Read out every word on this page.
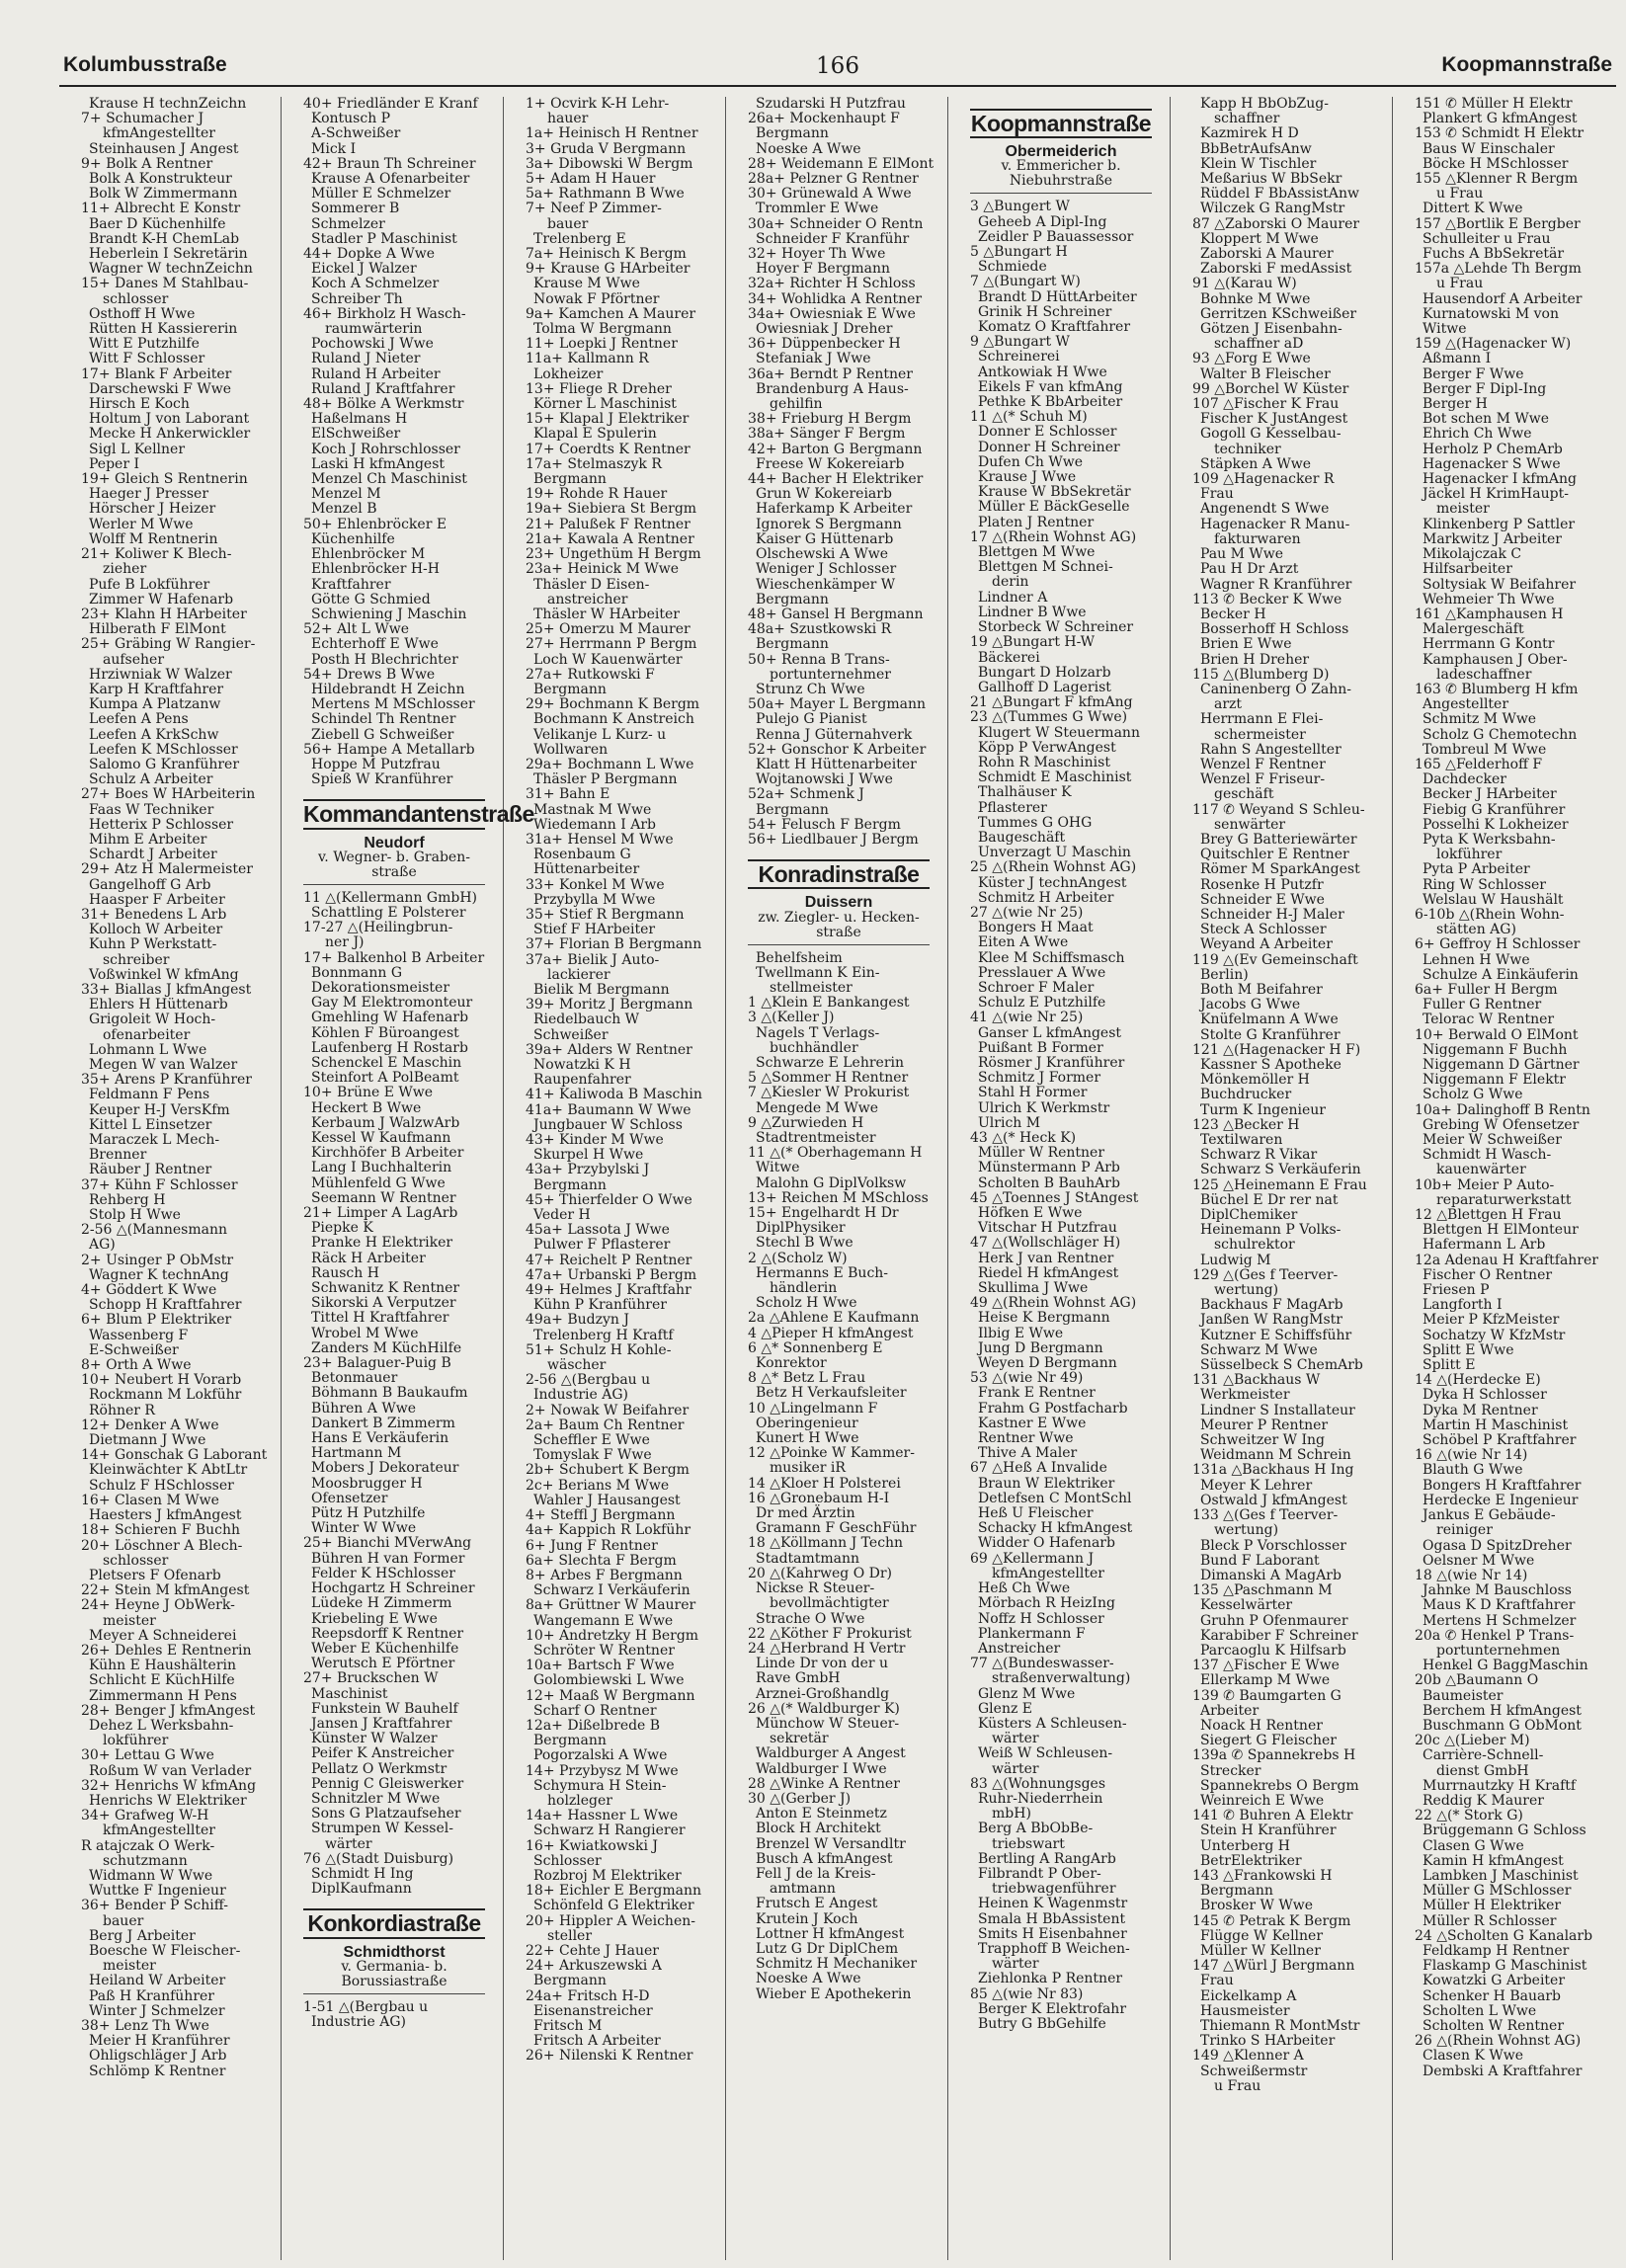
Kolumbusstraße	166	Koopmannstraße
Krause H technZeichn
7+ Schumacher J
kfmAngestellter
Steinhausen J Angest
9+ Bolk A Rentner
Bolk A Konstrukteur
Bolk W Zimmermann
11+ Albrecht E Konstr
Baer D Küchenhilfe
Brandt K-H ChemLab
Heberlein I Sekretärin
Wagner W technZeichn
15+ Danes M Stahlbau-
schlosser
Osthoff H Wwe
Rütten H Kassiererin
Witt E Putzhilfe
Witt F Schlosser
17+ Blank F Arbeiter
Darschewski F Wwe
Hirsch E Koch
Holtum J von Laborant
Mecke H Ankerwickler
Sigl L Kellner
Peper I
19+ Gleich S Rentnerin
Haeger J Presser
Hörscher J Heizer
Werler M Wwe
Wolff M Rentnerin
21+ Koliwer K Blech-
zieher
Pufe B Lokführer
Zimmer W Hafenarb
23+ Klahn H HArbeiter
Hilberath F ElMont
25+ Gräbing W Rangier-
aufseher
Hrziwniak W Walzer
Karp H Kraftfahrer
Kumpa A Platzanw
Leefen A Pens
Leefen A KrkSchw
Leefen K MSchlosser
Salomo G Kranführer
Schulz A Arbeiter
27+ Boes W HArbeiterin
Faas W Techniker
Hetterix P Schlosser
Mihm E Arbeiter
Schardt J Arbeiter
29+ Atz H Malermeister
Gangelhoff G Arb
Haasper F Arbeiter
31+ Benedens L Arb
Kolloch W Arbeiter
Kuhn P Werkstatt-
schreiber
Voßwinkel W kfmAng
33+ Biallas J kfmAngest
Ehlers H Hüttenarb
Grigoleit W Hoch-
ofenarbeiter
Lohmann L Wwe
Megen W van Walzer
35+ Arens P Kranführer
Feldmann F Pens
Keuper H-J VersKfm
Kittel L Einsetzer
Maraczek L Mech-
Brenner
Räuber J Rentner
37+ Kühn F Schlosser
Rehberg H
Stolp H Wwe
2-56 △(Mannesmann
AG)
2+ Usinger P ObMstr
Wagner K technAng
4+ Göddert K Wwe
Schopp H Kraftfahrer
6+ Blum P Elektriker
Wassenberg F
E-Schweißer
8+ Orth A Wwe
10+ Neubert H Vorarb
Rockmann M Lokführ
Röhner R
12+ Denker A Wwe
Dietmann J Wwe
14+ Gonschak G Laborant
Kleinwächter K AbtLtr
Schulz F HSchlosser
16+ Clasen M Wwe
Haesters J kfmAngest
18+ Schieren F Buchh
20+ Löschner A Blech-
schlosser
Pletsers F Ofenarb
22+ Stein M kfmAngest
24+ Heyne J ObWerk-
meister
Meyer A Schneiderei
26+ Dehles E Rentnerin
Kühn E Haushälterin
Schlicht E KüchHilfe
Zimmermann H Pens
28+ Benger J kfmAngest
Dehez L Werksbahn-
lokführer
30+ Lettau G Wwe
Roßum W van Verlader
32+ Henrichs W kfmAng
Henrichs W Elektriker
34+ Grafweg W-H
kfmAngestellter
R atajczak O Werk-
schutzmann
Widmann W Wwe
Wuttke F Ingenieur
36+ Bender P Schiff-
bauer
Berg J Arbeiter
Boesche W Fleischer-
meister
Heiland W Arbeiter
Paß H Kranführer
Winter J Schmelzer
38+ Lenz Th Wwe
Meier H Kranführer
Ohligschläger J Arb
Schlömp K Rentner
40+ Friedländer E Kranf
Kontusch P
A-Schweißer
Mick I
42+ Braun Th Schreiner
Krause A Ofenarbeiter
Müller E Schmelzer
Sommerer B
Schmelzer
Stadler P Maschinist
44+ Dopke A Wwe
Eickel J Walzer
Koch A Schmelzer
Schreiber Th
46+ Birkholz H Wasch-
raumwärterin
Pochowski J Wwe
Ruland J Nieter
Ruland H Arbeiter
Ruland J Kraftfahrer
48+ Bölke A Werkmstr
Haßelmans H
ElSchweißer
Koch J Rohrschlosser
Laski H kfmAngest
Menzel Ch Maschinist
Menzel M
Menzel B
50+ Ehlenbröcker E
Küchenhilfe
Ehlenbröcker M
Ehlenbröcker H-H
Kraftfahrer
Götte G Schmied
Schwiening J Maschin
52+ Alt L Wwe
Echterhoff E Wwe
Posth H Blechrichter
54+ Drews B Wwe
Hildebrandt H Zeichn
Mertens M MSchlosser
Schindel Th Rentner
Ziebell G Schweißer
56+ Hampe A Metallarb
Hoppe M Putzfrau
Spieß W Kranführer
Kommandantenstraße
Neudorf
v. Wegner- b. Graben-
straße
11 △(Kellermann GmbH)
Schattling E Polsterer
17-27 △(Heilingbrun-
ner J)
17+ Balkenhol B Arbeiter
Bonnmann G
Dekorationsmeister
Gay M Elektromonteur
Gmehling W Hafenarb
Köhlen F Büroangest
Laufenberg H Rostarb
Schenckel E Maschin
Steinfort A PolBeamt
10+ Brüne E Wwe
Heckert B Wwe
Kerbaum J WalzwArb
Kessel W Kaufmann
Kirchhöfer B Arbeiter
Lang I Buchhalterin
Mühlenfeld G Wwe
Seemann W Rentner
21+ Limper A LagArb
Piepke K
Pranke H Elektriker
Räck H Arbeiter
Rausch H
Schwanitz K Rentner
Sikorski A Verputzer
Tittel H Kraftfahrer
Wrobel M Wwe
Zanders M KüchHilfe
23+ Balaguer-Puig B
Betonmauer
Böhmann B Baukaufm
Bühren A Wwe
Dankert B Zimmerm
Hans E Verkäuferin
Hartmann M
Mobers J Dekorateur
Moosbrugger H
Ofensetzer
Pütz H Putzhilfe
Winter W Wwe
25+ Bianchi MVerwAng
Bühren H van Former
Felder K HSchlosser
Hochgartz H Schreiner
Lüdeke H Zimmerm
Kriebeling E Wwe
Reepsdorff K Rentner
Weber E Küchenhilfe
Werutsch E Pförtner
27+ Bruckschen W
Maschinist
Funkstein W Bauhelf
Jansen J Kraftfahrer
Künster W Walzer
Peifer K Anstreicher
Pellatz O Werkmstr
Pennig C Gleiswerker
Schnitzler M Wwe
Sons G Platzaufseher
Strumpen W Kessel-
wärter
76 △(Stadt Duisburg)
Schmidt H Ing
DiplKaufmann
Konkordiastraße
Schmidthorst
v. Germania- b.
Borussiastraße
1-51 △(Bergbau u
Industrie AG)
1+ Ocvirk K-H Lehr-
hauer
1a+ Heinisch H Rentner
3+ Gruda V Bergmann
3a+ Dibowski W Bergm
5+ Adam H Hauer
5a+ Rathmann B Wwe
7+ Neef P Zimmer-
bauer
Trelenberg E
7a+ Heinisch K Bergm
9+ Krause G HArbeiter
Krause M Wwe
Nowak F Pförtner
9a+ Kamchen A Maurer
Tolma W Bergmann
11+ Loepki J Rentner
11a+ Kallmann R
Lokheizer
13+ Fliege R Dreher
Körner L Maschinist
15+ Klapal J Elektriker
Klapal E Spulerin
17+ Coerdts K Rentner
17a+ Stelmaszyk R
Bergmann
19+ Rohde R Hauer
19a+ Siebiera St Bergm
21+ Palußek F Rentner
21a+ Kawala A Rentner
23+ Ungethüm H Bergm
23a+ Heinick M Wwe
Thäsler D Eisen-
anstreicher
Thäsler W HArbeiter
25+ Omerzu M Maurer
27+ Herrmann P Bergm
Loch W Kauenwärter
27a+ Rutkowski F
Bergmann
29+ Bochmann K Bergm
Bochmann K Anstreich
Velikanje L Kurz- u
Wollwaren
29a+ Bochmann L Wwe
Thäsler P Bergmann
31+ Bahn E
Mastnak M Wwe
Wiedemann I Arb
31a+ Hensel M Wwe
Rosenbaum G
Hüttenarbeiter
33+ Konkel M Wwe
Przybylla M Wwe
35+ Stief R Bergmann
Stief F HArbeiter
37+ Florian B Bergmann
37a+ Bielik J Auto-
lackierer
Bielik M Bergmann
39+ Moritz J Bergmann
Riedelbauch W
Schweißer
39a+ Alders W Rentner
Nowatzki K H
Raupenfahrer
41+ Kaliwoda B Maschin
41a+ Baumann W Wwe
Jungbauer W Schloss
43+ Kinder M Wwe
Skurpel H Wwe
43a+ Przybylski J
Bergmann
45+ Thierfelder O Wwe
Veder H
45a+ Lassota J Wwe
Pulwer F Pflasterer
47+ Reichelt P Rentner
47a+ Urbanski P Bergm
49+ Helmes J Kraftfahr
Kühn P Kranführer
49a+ Budzyn J
Trelenberg H Kraftf
51+ Schulz H Kohle-
wäscher
2-56 △(Bergbau u
Industrie AG)
2+ Nowak W Beifahrer
2a+ Baum Ch Rentner
Scheffler E Wwe
Tomyslak F Wwe
2b+ Schubert K Bergm
2c+ Berians M Wwe
Wahler J Hausangest
4+ Steffl J Bergmann
4a+ Kappich R Lokführ
6+ Jung F Rentner
6a+ Slechta F Bergm
8+ Arbes F Bergmann
Schwarz I Verkäuferin
8a+ Grüttner W Maurer
Wangemann E Wwe
10+ Andretzky H Bergm
Schröter W Rentner
10a+ Bartsch F Wwe
Golombiewski L Wwe
12+ Maaß W Bergmann
Scharf O Rentner
12a+ Dißelbrede B
Bergmann
Pogorzalski A Wwe
14+ Przybysz M Wwe
Schymura H Stein-
holzleger
14a+ Hassner L Wwe
Schwarz H Rangierer
16+ Kwiatkowski J
Schlosser
Rozbroj M Elektriker
18+ Eichler E Bergmann
Schönfeld G Elektriker
20+ Hippler A Weichen-
steller
22+ Cehte J Hauer
24+ Arkuszewski A
Bergmann
24a+ Fritsch H-D
Eisenanstreicher
Fritsch M
Fritsch A Arbeiter
26+ Nilenski K Rentner
Szudarski H Putzfrau
26a+ Mockenhaupt F
Bergmann
Noeske A Wwe
28+ Weidemann E ElMont
28a+ Pelzner G Rentner
30+ Grünewald A Wwe
Trommler E Wwe
30a+ Schneider O Rentn
Schneider F Kranführ
32+ Hoyer Th Wwe
Hoyer F Bergmann
32a+ Richter H Schloss
34+ Wohlidka A Rentner
34a+ Owiesniak E Wwe
Owiesniak J Dreher
36+ Düppenbecker H
Stefaniak J Wwe
36a+ Berndt P Rentner
Brandenburg A Haus-
gehilfin
38+ Frieburg H Bergm
38a+ Sänger F Bergm
42+ Barton G Bergmann
Freese W Kokereiarb
44+ Bacher H Elektriker
Grun W Kokereiarb
Haferkamp K Arbeiter
Ignorek S Bergmann
Kaiser G Hüttenarb
Olschewski A Wwe
Weniger J Schlosser
Wieschenkämper W
Bergmann
48+ Gansel H Bergmann
48a+ Szustkowski R
Bergmann
50+ Renna B Trans-
portunternehmer
Strunz Ch Wwe
50a+ Mayer L Bergmann
Pulejo G Pianist
Renna J Güternahverk
52+ Gonschor K Arbeiter
Klatt H Hüttenarbeiter
Wojtanowski J Wwe
52a+ Schmenk J
Bergmann
54+ Felusch F Bergm
56+ Liedlbauer J Bergm
Konradinstraße
Duissern
zw. Ziegler- u. Hecken-
straße
Behelfsheim
Twellmann K Ein-
stellmeister
1 △Klein E Bankangest
3 △(Keller J)
Nagels T Verlags-
buchhändler
Schwarze E Lehrerin
5 △Sommer H Rentner
7 △Kiesler W Prokurist
Mengede M Wwe
9 △Zurwieden H
Stadtrentmeister
11 △(* Oberhagemann H
Witwe
Malohn G DiplVolksw
13+ Reichen M MSchloss
15+ Engelhardt H Dr
DiplPhysiker
Stechl B Wwe
2 △(Scholz W)
Hermanns E Buch-
händlerin
Scholz H Wwe
2a △Ahlene E Kaufmann
4 △Pieper H kfmAngest
6 △* Sonnenberg E
Konrektor
8 △* Betz L Frau
Betz H Verkaufsleiter
10 △Lingelmann F
Oberingenieur
Kunert H Wwe
12 △Poinke W Kammer-
musiker iR
14 △Kloer H Polsterei
16 △Gronebaum H-I
Dr med Ärztin
Gramann F GeschFühr
18 △Köllmann J Techn
Stadtamtmann
20 △(Kahrweg O Dr)
Nickse R Steuer-
bevollmächtigter
Strache O Wwe
22 △Köther F Prokurist
24 △Herbrand H Vertr
Linde Dr von der u
Rave GmbH
Arznei-Großhandlg
26 △(* Waldburger K)
Münchow W Steuer-
sekretär
Waldburger A Angest
Waldburger I Wwe
28 △Winke A Rentner
30 △(Gerber J)
Anton E Steinmetz
Block H Architekt
Brenzel W Versandltr
Busch A kfmAngest
Fell J de la Kreis-
amtmann
Frutsch E Angest
Krutein J Koch
Lottner H kfmAngest
Lutz G Dr DiplChem
Schmitz H Mechaniker
Noeske A Wwe
Wieber E Apothekerin
Koopmannstraße
Obermeiderich
v. Emmericher b.
Niebuhrstraße
3 △Bungert W
Geheeb A Dipl-Ing
Zeidler P Bauassessor
5 △Bungart H
Schmiede
7 △(Bungart W)
Brandt D HüttArbeiter
Grinik H Schreiner
Komatz O Kraftfahrer
9 △Bungart W
Schreinerei
Antkowiak H Wwe
Eikels F van kfmAng
Pethke K BbArbeiter
11 △(* Schuh M)
Donner E Schlosser
Donner H Schreiner
Dufen Ch Wwe
Krause J Wwe
Krause W BbSekretär
Müller E BäckGeselle
Platen J Rentner
17 △(Rhein Wohnst AG)
Blettgen M Wwe
Blettgen M Schnei-
derin
Lindner A
Lindner B Wwe
Storbeck W Schreiner
19 △Bungart H-W
Bäckerei
Bungart D Holzarb
Gallhoff D Lagerist
21 △Bungart F kfmAng
23 △(Tummes G Wwe)
Klugert W Steuermann
Köpp P VerwAngest
Rohn R Maschinist
Schmidt E Maschinist
Thalhäuser K
Pflasterer
Tummes G OHG
Baugeschäft
Unverzagt U Maschin
25 △(Rhein Wohnst AG)
Küster J technAngest
Schmitz H Arbeiter
27 △(wie Nr 25)
Bongers H Maat
Eiten A Wwe
Klee M Schiffsmasch
Presslauer A Wwe
Schroer F Maler
Schulz E Putzhilfe
41 △(wie Nr 25)
Ganser L kfmAngest
Puißant B Former
Rösmer J Kranführer
Schmitz J Former
Stahl H Former
Ulrich K Werkmstr
Ulrich M
43 △(* Heck K)
Müller W Rentner
Münstermann P Arb
Scholten B BauhArb
45 △Toennes J StAngest
Höfken E Wwe
Vitschar H Putzfrau
47 △(Wollschläger H)
Herk J van Rentner
Riedel H kfmAngest
Skullima J Wwe
49 △(Rhein Wohnst AG)
Heise K Bergmann
Ilbig E Wwe
Jung D Bergmann
Weyen D Bergmann
53 △(wie Nr 49)
Frank E Rentner
Frahm G Postfacharb
Kastner E Wwe
Rentner Wwe
Thive A Maler
67 △Heß A Invalide
Braun W Elektriker
Detlefsen C MontSchl
Heß U Fleischer
Schacky H kfmAngest
Widder O Hafenarb
69 △Kellermann J
kfmAngestellter
Heß Ch Wwe
Mörbach R HeizIng
Noffz H Schlosser
Plankermann F
Anstreicher
77 △(Bundeswasser-
straßenverwaltung)
Glenz M Wwe
Glenz E
Küsters A Schleusen-
wärter
Weiß W Schleusen-
wärter
83 △(Wohnungsges
Ruhr-Niederrhein
mbH)
Berg A BbObBe-
triebswart
Bertling A RangArb
Filbrandt P Ober-
triebwagenführer
Heinen K Wagenmstr
Smala H BbAssistent
Smits H Eisenbahner
Trapphoff B Weichen-
wärter
Ziehlonka P Rentner
85 △(wie Nr 83)
Berger K Elektrofahr
Butry G BbGehilfe
Kapp H BbObZug-
schaffner
Kazmirek H D
BbBetrAufsAnw
Klein W Tischler
Meßarius W BbSekr
Rüddel F BbAssistAnw
Wilczek G RangMstr
87 △Zaborski O Maurer
Kloppert M Wwe
Zaborski A Maurer
Zaborski F medAssist
91 △(Karau W)
Bohnke M Wwe
Gerritzen KSchweißer
Götzen J Eisenbahn-
schaffner aD
93 △Forg E Wwe
Walter B Fleischer
99 △Borchel W Küster
107 △Fischer K Frau
Fischer K JustAngest
Gogoll G Kesselbau-
techniker
Stäpken A Wwe
109 △Hagenacker R
Frau
Angenendt S Wwe
Hagenacker R Manu-
fakturwaren
Pau M Wwe
Pau H Dr Arzt
Wagner R Kranführer
113 ✆ Becker K Wwe
Becker H
Bosserhoff H Schloss
Brien E Wwe
Brien H Dreher
115 △(Blumberg D)
Caninenberg O Zahn-
arzt
Herrmann E Flei-
schermeister
Rahn S Angestellter
Wenzel F Rentner
Wenzel F Friseur-
geschäft
117 ✆ Weyand S Schleu-
senwärter
Brey G Batteriewärter
Quitschler E Rentner
Römer M SparkAngest
Rosenke H Putzfr
Schneider E Wwe
Schneider H-J Maler
Steck A Schlosser
Weyand A Arbeiter
119 △(Ev Gemeinschaft
Berlin)
Both M Beifahrer
Jacobs G Wwe
Knüfelmann A Wwe
Stolte G Kranführer
121 △(Hagenacker H F)
Kassner S Apotheke
Mönkemöller H
Buchdrucker
Turm K Ingenieur
123 △Becker H
Textilwaren
Schwarz R Vikar
Schwarz S Verkäuferin
125 △Heinemann E Frau
Büchel E Dr rer nat
DiplChemiker
Heinemann P Volks-
schulrektor
Ludwig M
129 △(Ges f Teerver-
wertung)
Backhaus F MagArb
Janßen W RangMstr
Kutzner E Schiffsführ
Schwarz M Wwe
Süsselbeck S ChemArb
131 △Backhaus W
Werkmeister
Lindner S Installateur
Meurer P Rentner
Schweitzer W Ing
Weidmann M Schrein
131a △Backhaus H Ing
Meyer K Lehrer
Ostwald J kfmAngest
133 △(Ges f Teerver-
wertung)
Bleck P Vorschlosser
Bund F Laborant
Dimanski A MagArb
135 △Paschmann M
Kesselwärter
Gruhn P Ofenmaurer
Karabiber F Schreiner
Parcaoglu K Hilfsarb
137 △Fischer E Wwe
Ellerkamp M Wwe
139 ✆ Baumgarten G
Arbeiter
Noack H Rentner
Siegert G Fleischer
139a ✆ Spannekrebs H
Strecker
Spannekrebs O Bergm
Weinreich E Wwe
141 ✆ Buhren A Elektr
Stein H Kranführer
Unterberg H
BetrElektriker
143 △Frankowski H
Bergmann
Brosker W Wwe
145 ✆ Petrak K Bergm
Flügge W Kellner
Müller W Kellner
147 △Würl J Bergmann
Frau
Eickelkamp A
Hausmeister
Thiemann R MontMstr
Trinko S HArbeiter
149 △Klenner A
Schweißermstr
u Frau
151 ✆ Müller H Elektr
Plankert G kfmAngest
153 ✆ Schmidt H Elektr
Baus W Einschaler
Böcke H MSchlosser
155 △Klenner R Bergm
u Frau
Dittert K Wwe
157 △Bortlik E Bergber
Schulleiter u Frau
Fuchs A BbSekretär
157a △Lehde Th Bergm
u Frau
Hausendorf A Arbeiter
Kurnatowski M von
Witwe
159 △(Hagenacker W)
Aßmann I
Berger F Wwe
Berger F Dipl-Ing
Berger H
Bot schen M Wwe
Ehrich Ch Wwe
Herholz P ChemArb
Hagenacker S Wwe
Hagenacker I kfmAng
Jäckel H KrimHaupt-
meister
Klinkenberg P Sattler
Markwitz J Arbeiter
Mikolajczak C
Hilfsarbeiter
Soltysiak W Beifahrer
Wehmeier Th Wwe
161 △Kamphausen H
Malergeschäft
Herrmann G Kontr
Kamphausen J Ober-
ladeschaffner
163 ✆ Blumberg H kfm
Angestellter
Schmitz M Wwe
Scholz G Chemotechn
Tombreul M Wwe
165 △Felderhoff F
Dachdecker
Becker J HArbeiter
Fiebig G Kranführer
Posselhi K Lokheizer
Pyta K Werksbahn-
lokführer
Pyta P Arbeiter
Ring W Schlosser
Welslau W Haushält
6-10b △(Rhein Wohn-
stätten AG)
6+ Geffroy H Schlosser
Lehnen H Wwe
Schulze A Einkäuferin
6a+ Fuller H Bergm
Fuller G Rentner
Telorac W Rentner
10+ Berwald O ElMont
Niggemann F Buchh
Niggemann D Gärtner
Niggemann F Elektr
Scholz G Wwe
10a+ Dalinghoff B Rentn
Grebing W Ofensetzer
Meier W Schweißer
Schmidt H Wasch-
kauenwärter
10b+ Meier P Auto-
reparaturwerkstatt
12 △Blettgen H Frau
Blettgen H ElMonteur
Hafermann L Arb
12a Adenau H Kraftfahrer
Fischer O Rentner
Friesen P
Langforth I
Meier P KfzMeister
Sochatzy W KfzMstr
Splitt E Wwe
Splitt E
14 △(Herdecke E)
Dyka H Schlosser
Dyka M Rentner
Martin H Maschinist
Schöbel P Kraftfahrer
16 △(wie Nr 14)
Blauth G Wwe
Bongers H Kraftfahrer
Herdecke E Ingenieur
Jankus E Gebäude-
reiniger
Ogasa D SpitzDreher
Oelsner M Wwe
18 △(wie Nr 14)
Jahnke M Bauschloss
Maus K D Kraftfahrer
Mertens H Schmelzer
20a ✆ Henkel P Trans-
portunternehmen
Henkel G BaggMaschin
20b △Baumann O
Baumeister
Berchem H kfmAngest
Buschmann G ObMont
20c △(Lieber M)
Carrière-Schnell-
dienst GmbH
Murrnautzky H Kraftf
Reddig K Maurer
22 △(* Stork G)
Brüggemann G Schloss
Clasen G Wwe
Kamin H kfmAngest
Lambken J Maschinist
Müller G MSchlosser
Müller H Elektriker
Müller R Schlosser
24 △Scholten G Kanalarb
Feldkamp H Rentner
Flaskamp G Maschinist
Kowatzki G Arbeiter
Schenker H Bauarb
Scholten L Wwe
Scholten W Rentner
26 △(Rhein Wohnst AG)
Clasen K Wwe
Dembski A Kraftfahrer
